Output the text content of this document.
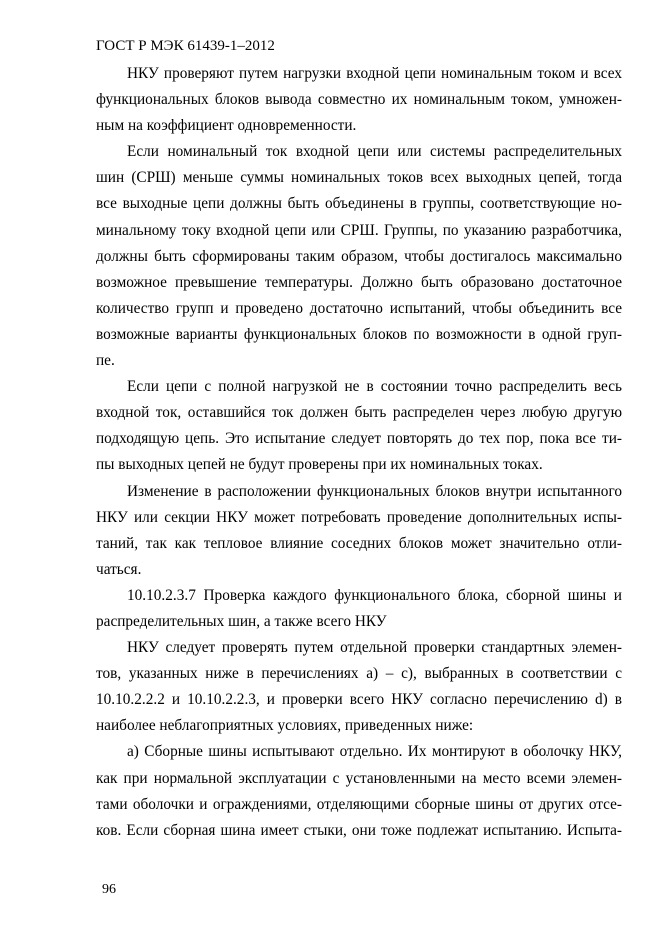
ГОСТ Р МЭК 61439-1–2012
НКУ проверяют путем нагрузки входной цепи номинальным током и всех
функциональных блоков вывода совместно их номинальным током, умножен-
ным на коэффициент одновременности.
Если номинальный ток входной цепи или системы распределительных
шин (СРШ) меньше суммы номинальных токов всех выходных цепей, тогда
все выходные цепи должны быть объединены в группы, соответствующие но-
минальному току входной цепи или СРШ. Группы, по указанию разработчика,
должны быть сформированы таким образом, чтобы достигалось максимально
возможное превышение температуры. Должно быть образовано достаточное
количество групп и проведено достаточно испытаний, чтобы объединить все
возможные варианты функциональных блоков по возможности в одной груп-
пе.
Если цепи с полной нагрузкой не в состоянии точно распределить весь
входной ток, оставшийся ток должен быть распределен через любую другую
подходящую цепь. Это испытание следует повторять до тех пор, пока все ти-
пы выходных цепей не будут проверены при их номинальных токах.
Изменение в расположении функциональных блоков внутри испытанного
НКУ или секции НКУ может потребовать проведение дополнительных испы-
таний, так как тепловое влияние соседних блоков может значительно отли-
чаться.
10.10.2.3.7 Проверка каждого функционального блока, сборной шины и
распределительных шин, а также всего НКУ
НКУ следует проверять путем отдельной проверки стандартных элемен-
тов, указанных ниже в перечислениях a) – c), выбранных в соответствии с
10.10.2.2.2 и 10.10.2.2.3, и проверки всего НКУ согласно перечислению d) в
наиболее неблагоприятных условиях, приведенных ниже:
a) Сборные шины испытывают отдельно. Их монтируют в оболочку НКУ,
как при нормальной эксплуатации с установленными на место всеми элемен-
тами оболочки и ограждениями, отделяющими сборные шины от других отсе-
ков. Если сборная шина имеет стыки, они тоже подлежат испытанию. Испыта-
96
